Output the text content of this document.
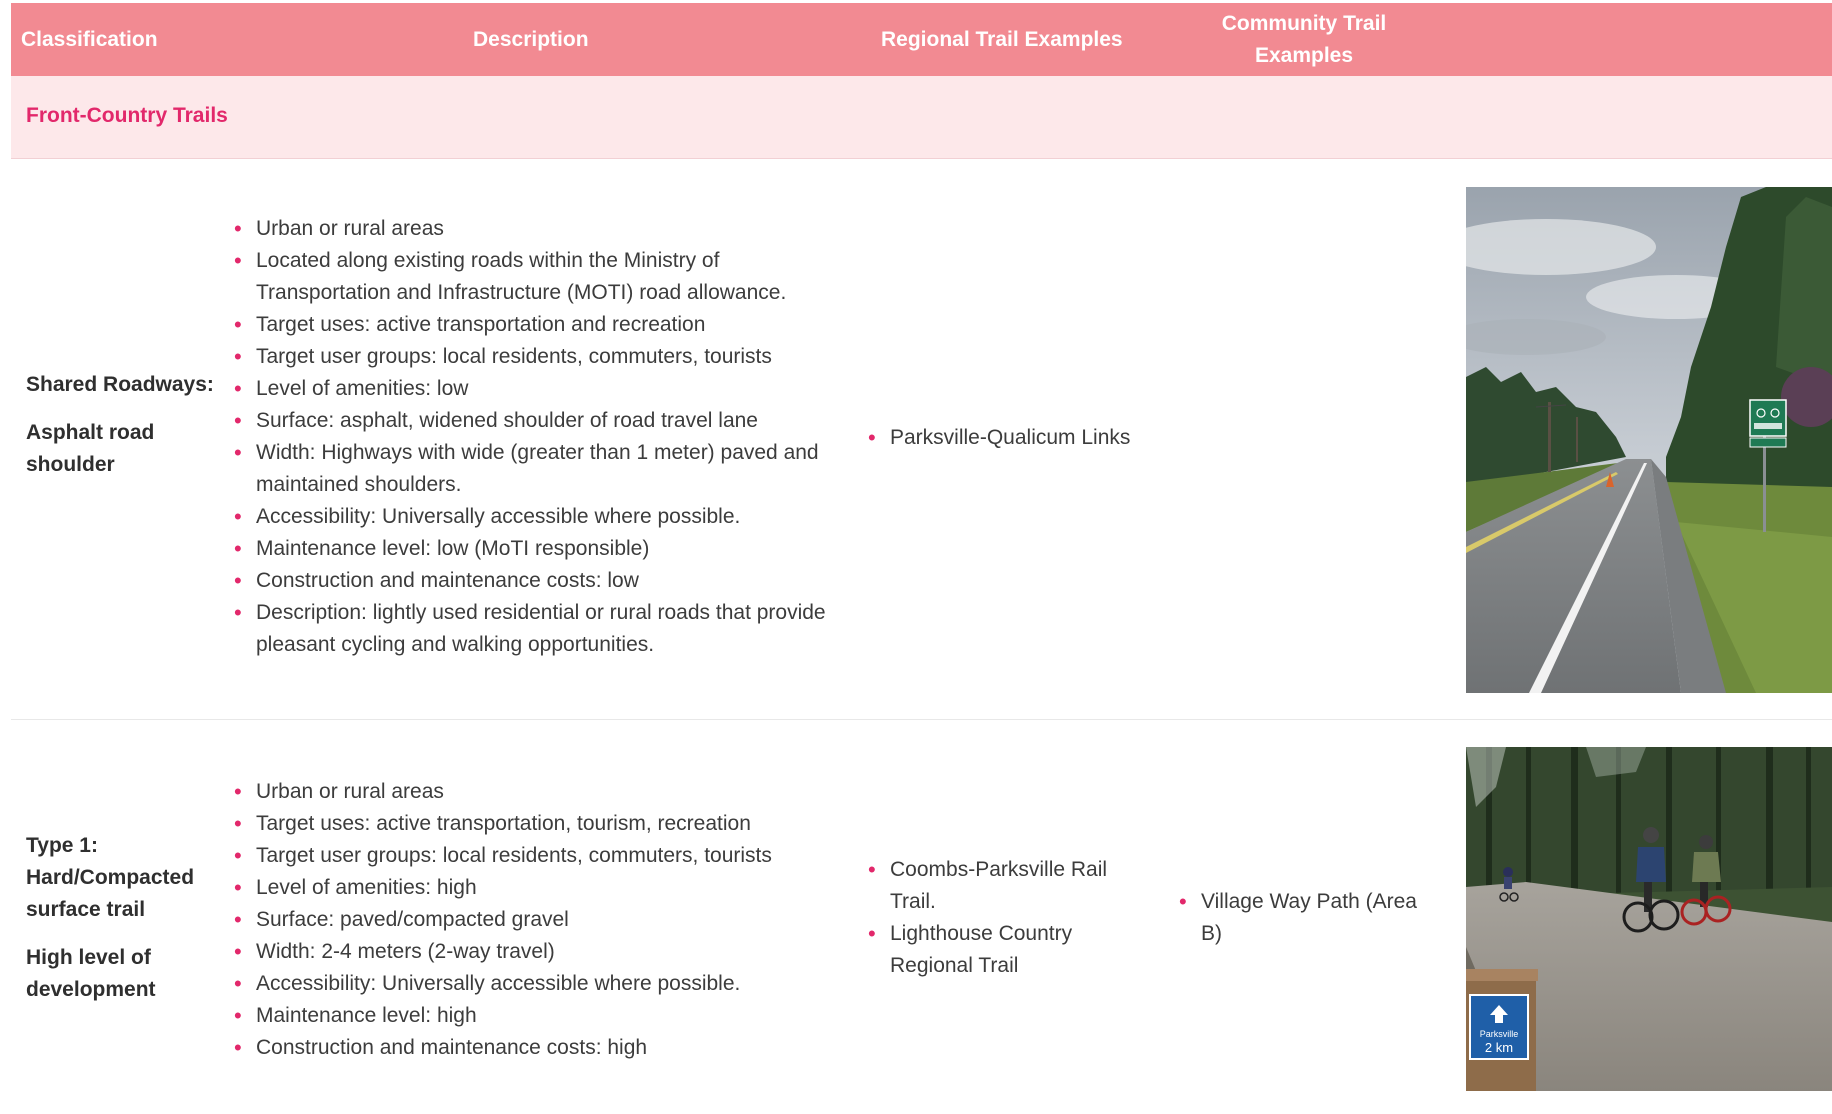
Classification	Description	Regional Trail Examples
Community Trail Examples
Front-Country Trails

Shared Roadways:

Asphalt road shoulder

• Urban or rural areas
• Located along existing roads within the Ministry of Transportation and Infrastructure (MOTI) road allowance.
• Target uses: active transportation and recreation
• Target user groups: local residents, commuters, tourists
• Level of amenities: low
• Surface: asphalt, widened shoulder of road travel lane
• Width: Highways with wide (greater than 1 meter) paved and maintained shoulders.
• Accessibility: Universally accessible where possible.
• Maintenance level: low (MoTI responsible)
• Construction and maintenance costs: low
• Description: lightly used residential or rural roads that provide pleasant cycling and walking opportunities.
• Parksville-Qualicum Links

Type 1: Hard/Compacted surface trail

High level of development

• Urban or rural areas
• Target uses: active transportation, tourism, recreation
• Target user groups: local residents, commuters, tourists
• Level of amenities: high
• Surface: paved/compacted gravel
• Width: 2-4 meters (2-way travel)
• Accessibility: Universally accessible where possible.
• Maintenance level: high
• Construction and maintenance costs: high
• Coombs-Parksville Rail Trail.
• Lighthouse Country Regional Trail
• Village Way Path (Area B)
Parksville
2 km
